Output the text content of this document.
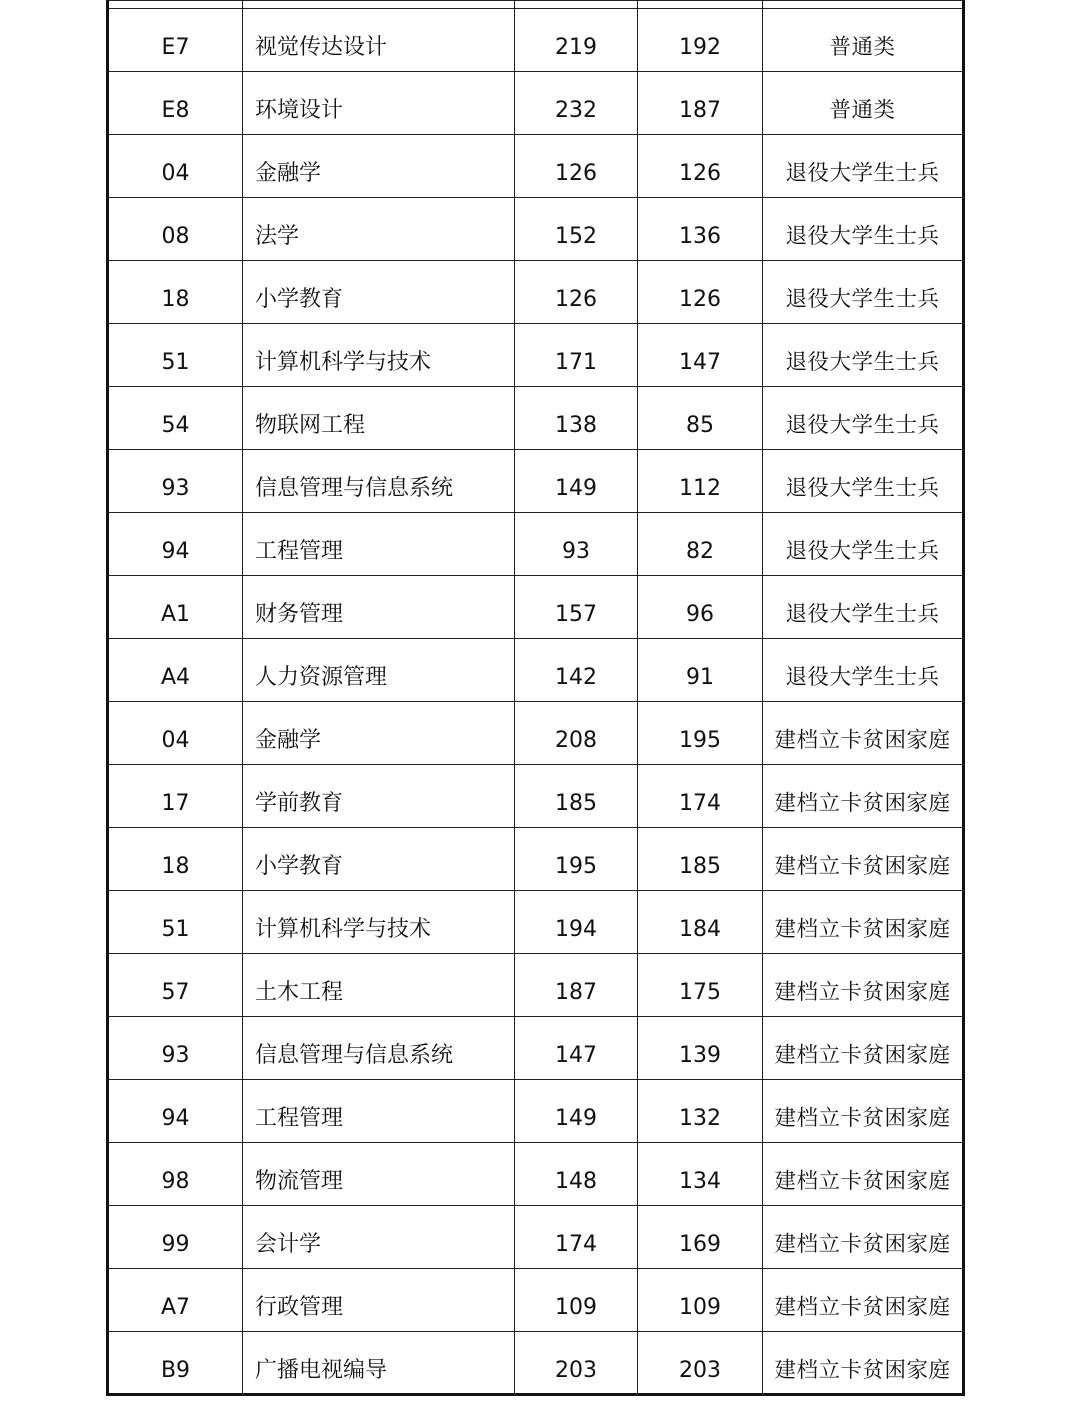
E7	视觉传达设计	219	192	普通类
E8	环境设计	232	187	普通类
04	金融学	126	126	退役大学生士兵
08	法学	152	136	退役大学生士兵
18	小学教育	126	126	退役大学生士兵
51	计算机科学与技术	171	147	退役大学生士兵
54	物联网工程	138	85	退役大学生士兵
93	信息管理与信息系统	149	112	退役大学生士兵
94	工程管理	93	82	退役大学生士兵
A1	财务管理	157	96	退役大学生士兵
A4	人力资源管理	142	91	退役大学生士兵
04	金融学	208	195	建档立卡贫困家庭
17	学前教育	185	174	建档立卡贫困家庭
18	小学教育	195	185	建档立卡贫困家庭
51	计算机科学与技术	194	184	建档立卡贫困家庭
57	土木工程	187	175	建档立卡贫困家庭
93	信息管理与信息系统	147	139	建档立卡贫困家庭
94	工程管理	149	132	建档立卡贫困家庭
98	物流管理	148	134	建档立卡贫困家庭
99	会计学	174	169	建档立卡贫困家庭
A7	行政管理	109	109	建档立卡贫困家庭
B9	广播电视编导	203	203	建档立卡贫困家庭
